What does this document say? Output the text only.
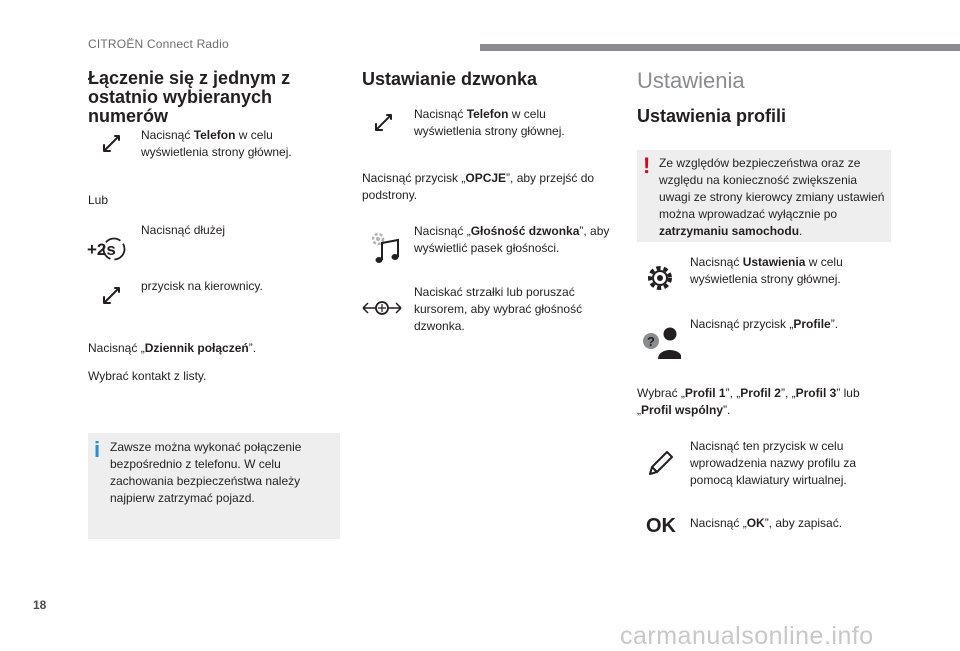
CITROËN Connect Radio
Łączenie się z jednym z ostatnio wybieranych numerów
Nacisnąć Telefon w celu wyświetlenia strony głównej.
Lub
+2s
Nacisnąć dłużej
przycisk na kierownicy.
Nacisnąć „Dziennik połączeń”.
Wybrać kontakt z listy.
i Zawsze można wykonać połączenie bezpośrednio z telefonu. W celu zachowania bezpieczeństwa należy najpierw zatrzymać pojazd.
Ustawianie dzwonka
Nacisnąć Telefon w celu wyświetlenia strony głównej.
Nacisnąć przycisk „OPCJE”, aby przejść do podstrony.
Nacisnąć „Głośność dzwonka”, aby wyświetlić pasek głośności.
Naciskać strzałki lub poruszać kursorem, aby wybrać głośność dzwonka.
Ustawienia
Ustawienia profili
! Ze względów bezpieczeństwa oraz ze względu na konieczność zwiększenia uwagi ze strony kierowcy zmiany ustawień można wprowadzać wyłącznie po zatrzymaniu samochodu.
Nacisnąć Ustawienia w celu wyświetlenia strony głównej.
?
Nacisnąć przycisk „Profile”.
Wybrać „Profil 1”, „Profil 2”, „Profil 3” lub „Profil wspólny”.
Nacisnąć ten przycisk w celu wprowadzenia nazwy profilu za pomocą klawiatury wirtualnej.
OK Nacisnąć „OK”, aby zapisać.
18
carmanualsonline.info
